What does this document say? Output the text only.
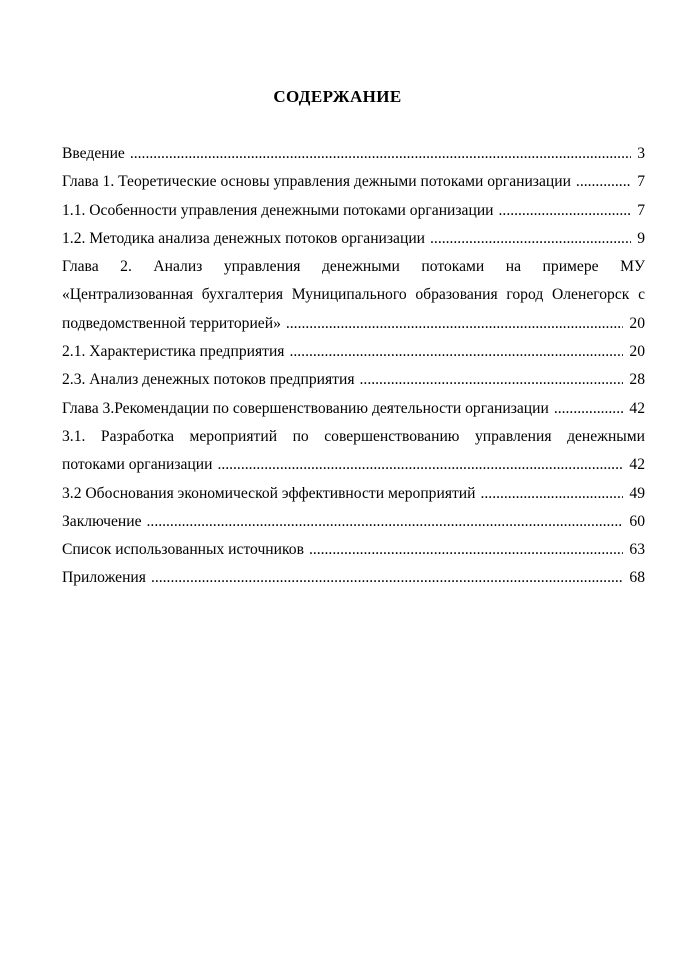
СОДЕРЖАНИЕ
Введение .....	3
Глава 1. Теоретические основы управления дежными потоками организации .....	7
1.1. Особенности управления денежными потоками организации .....	7
1.2. Методика анализа денежных потоков организации .....	9
Глава 2. Анализ управления денежными потоками на примере МУ
«Централизованная бухгалтерия Муниципального образования город Оленегорск с
подведомственной территорией» .....	20
2.1. Характеристика предприятия .....	20
2.3. Анализ денежных потоков предприятия .....	28
Глава 3.Рекомендации по совершенствованию деятельности организации .....	42
3.1. Разработка мероприятий по совершенствованию управления денежными
потоками организации .....	42
3.2 Обоснования экономической эффективности мероприятий .....	49
Заключение .....	60
Список использованных источников .....	63
Приложения .....	68
